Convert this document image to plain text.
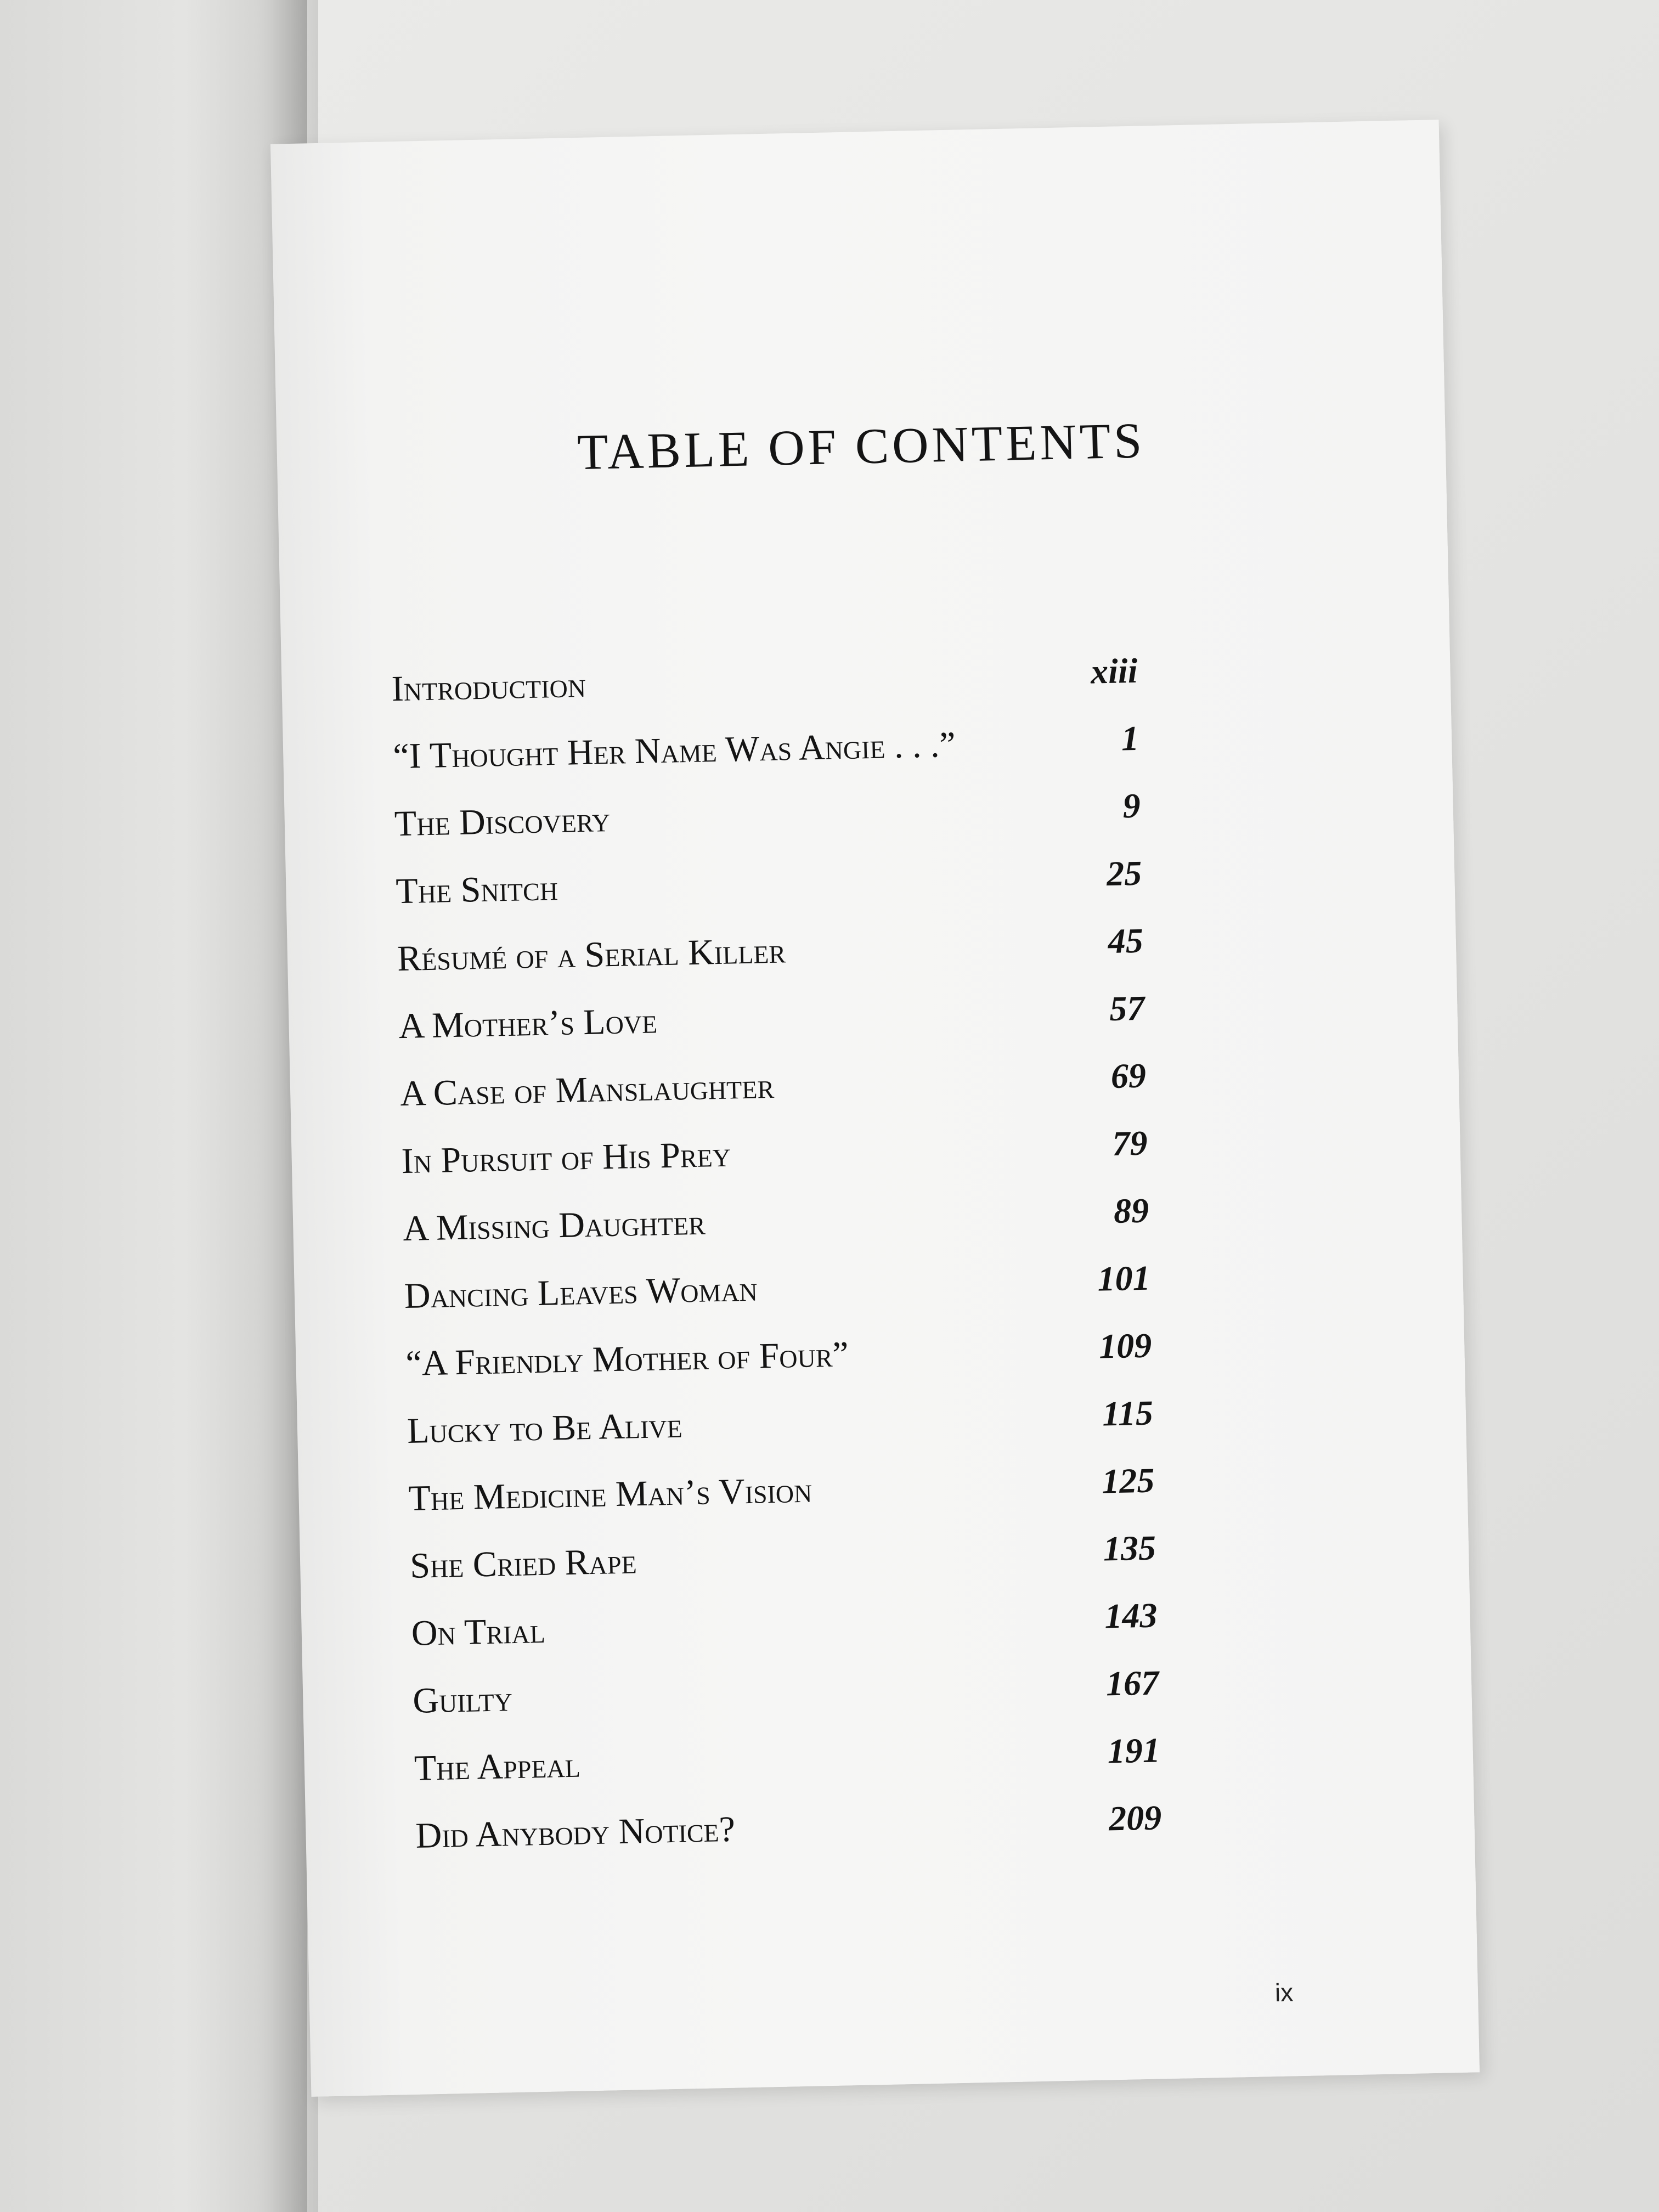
TABLE OF CONTENTS
Introduction	xiii
“I Thought Her Name Was Angie . . .”	1
The Discovery	9
The Snitch	25
Résumé of a Serial Killer	45
A Mother’s Love	57
A Case of Manslaughter	69
In Pursuit of His Prey	79
A Missing Daughter	89
Dancing Leaves Woman	101
“A Friendly Mother of Four”	109
Lucky to Be Alive	115
The Medicine Man’s Vision	125
She Cried Rape	135
On Trial	143
Guilty	167
The Appeal	191
Did Anybody Notice?	209
ix
